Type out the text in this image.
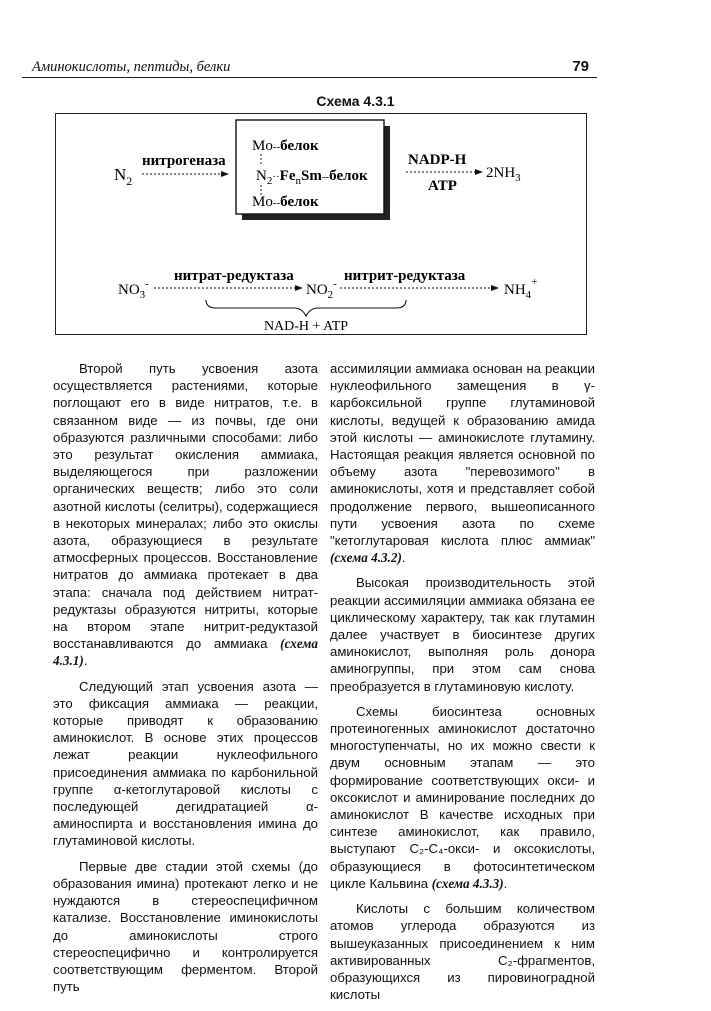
Аминокислоты, пептиды, белки	79
Схема 4.3.1
$N_2$
нитрогеназа
Mo--белок
$N_2^{\cdot\cdot}Fe_nSm-$-белок
Mo--белок
NADP-H
ATP
$2NH_3$
$NO_3^-$ нитрат-редуктаза
$NO_2^-$ нитрит-редуктаза
$NH_4^+$
NAD-H + ATP

Второй путь усвоения азота осуществляется растениями, которые поглощают его в виде нитратов, т.е. в связанном виде — из почвы, где они образуются различными способами: либо это результат окисления аммиака, выделяющегося при разложении органических веществ; либо это соли азотной кислоты (селитры), содержащиеся в некоторых минералах; либо это окислы азота, образующиеся в результате атмосферных процессов. Восстановление нитратов до аммиака протекает в два этапа: сначала под действием нитрат-редуктазы образуются нитриты, которые на втором этапе нитрит-редуктазой восстанавливаются до аммиака (схема 4.3.1).

Следующий этап усвоения азота — это фиксация аммиака — реакции, которые приводят к образованию аминокислот. В основе этих процессов лежат реакции нуклеофильного присоединения аммиака по карбонильной группе α-кетоглутаровой кислоты с последующей дегидратацией α-аминоспирта и восстановления имина до глутаминовой кислоты.

Первые две стадии этой схемы (до образования имина) протекают легко и не нуждаются в стереоспецифичном катализе. Восстановление иминокислоты до аминокислоты строго стереоспецифично и контролируется соответствующим ферментом. Второй путь

ассимиляции аммиака основан на реакции нуклеофильного замещения в γ-карбоксильной группе глутаминовой кислоты, ведущей к образованию амида этой кислоты — аминокислоте глутамину. Настоящая реакция является основной по объему азота "перевозимого" в аминокислоты, хотя и представляет собой продолжение первого, вышеописанного пути усвоения азота по схеме "кетоглутаровая кислота плюс аммиак" (схема 4.3.2).

Высокая производительность этой реакции ассимиляции аммиака обязана ее циклическому характеру, так как глутамин далее участвует в биосинтезе других аминокислот, выполняя роль донора аминогруппы, при этом сам снова преобразуется в глутаминовую кислоту.

Схемы биосинтеза основных протеиногенных аминокислот достаточно многоступенчаты, но их можно свести к двум основным этапам — это формирование соответствующих окси- и оксокислот и аминирование последних до аминокислот В качестве исходных при синтезе аминокислот, как правило, выступают C₂-C₄-окси- и оксокислоты, образующиеся в фотосинтетическом цикле Кальвина (схема 4.3.3).

Кислоты с большим количеством атомов углерода образуются из вышеуказанных присоединением к ним активированных C₂-фрагментов, образующихся из пировиноградной кислоты
